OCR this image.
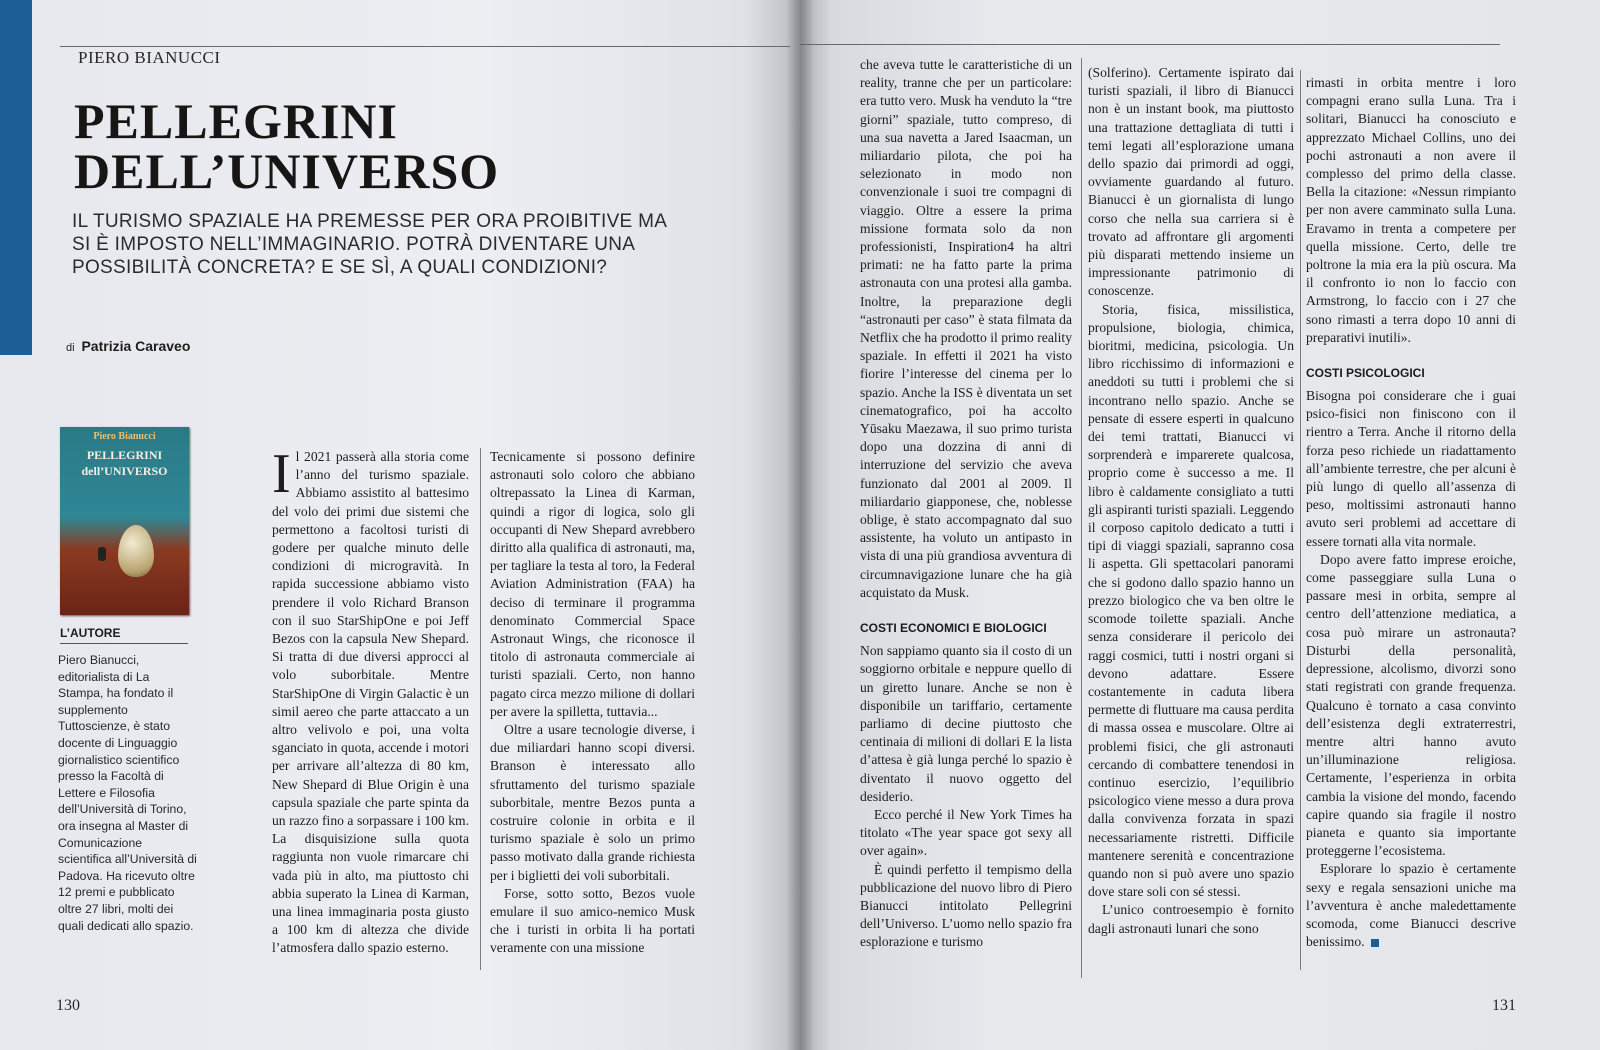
PIERO BIANUCCI
PELLEGRINI
DELL’UNIVERSO
IL TURISMO SPAZIALE HA PREMESSE PER ORA PROIBITIVE MA SI È IMPOSTO NELL’IMMAGINARIO. POTRÀ DIVENTARE UNA POSSIBILITÀ CONCRETA? E SE SÌ, A QUALI CONDIZIONI?
di Patrizia Caraveo
Piero Bianucci
PELLEGRINI
dell’UNIVERSO
L’AUTORE
Piero Bianucci, editorialista di La Stampa, ha fondato il supplemento Tuttoscienze, è stato docente di Linguaggio giornalistico scientifico presso la Facoltà di Lettere e Filosofia dell’Università di Torino, ora insegna al Master di Comunicazione scientifica all’Università di Padova. Ha ricevuto oltre 12 premi e pubblicato oltre 27 libri, molti dei quali dedicati allo spazio.

Il 2021 passerà alla storia come l’anno del turismo spaziale. Abbiamo assistito al battesimo del volo dei primi due sistemi che permettono a facoltosi turisti di godere per qualche minuto delle condizioni di microgravità. In rapida successione abbiamo visto prendere il volo Richard Branson con il suo StarShipOne e poi Jeff Bezos con la capsula New Shepard. Si tratta di due diversi approcci al volo suborbitale. Mentre StarShipOne di Virgin Galactic è un simil aereo che parte attaccato a un altro velivolo e poi, una volta sganciato in quota, accende i motori per arrivare all’altezza di 80 km, New Shepard di Blue Origin è una capsula spaziale che parte spinta da un razzo fino a sorpassare i 100 km. La disquisizione sulla quota raggiunta non vuole rimarcare chi vada più in alto, ma piuttosto chi abbia superato la Linea di Karman, una linea immaginaria posta giusto a 100 km di altezza che divide l’atmosfera dallo spazio esterno.

Tecnicamente si possono definire astronauti solo coloro che abbiano oltrepassato la Linea di Karman, quindi a rigor di logica, solo gli occupanti di New Shepard avrebbero diritto alla qualifica di astronauti, ma, per tagliare la testa al toro, la Federal Aviation Administration (FAA) ha deciso di terminare il programma denominato Commercial Space Astronaut Wings, che riconosce il titolo di astronauta commerciale ai turisti spaziali. Certo, non hanno pagato circa mezzo milione di dollari per avere la spilletta, tuttavia...

Oltre a usare tecnologie diverse, i due miliardari hanno scopi diversi. Branson è interessato allo sfruttamento del turismo spaziale suborbitale, mentre Bezos punta a costruire colonie in orbita e il turismo spaziale è solo un primo passo motivato dalla grande richiesta per i biglietti dei voli suborbitali.

Forse, sotto sotto, Bezos vuole emulare il suo amico-nemico Musk che i turisti in orbita li ha portati veramente con una missione

130

che aveva tutte le caratteristiche di un reality, tranne che per un particolare: era tutto vero. Musk ha venduto la “tre giorni” spaziale, tutto compreso, di una sua navetta a Jared Isaacman, un miliardario pilota, che poi ha selezionato in modo non convenzionale i suoi tre compagni di viaggio. Oltre a essere la prima missione formata solo da non professionisti, Inspiration4 ha altri primati: ne ha fatto parte la prima astronauta con una protesi alla gamba. Inoltre, la preparazione degli “astronauti per caso” è stata filmata da Netflix che ha prodotto il primo reality spaziale. In effetti il 2021 ha visto fiorire l’interesse del cinema per lo spazio. Anche la ISS è diventata un set cinematografico, poi ha accolto Yūsaku Maezawa, il suo primo turista dopo una dozzina di anni di interruzione del servizio che aveva funzionato dal 2001 al 2009. Il miliardario giapponese, che, noblesse oblige, è stato accompagnato dal suo assistente, ha voluto un antipasto in vista di una più grandiosa avventura di circumnavigazione lunare che ha già acquistato da Musk.

COSTI ECONOMICI E BIOLOGICI

Non sappiamo quanto sia il costo di un soggiorno orbitale e neppure quello di un giretto lunare. Anche se non è disponibile un tariffario, certamente parliamo di decine piuttosto che centinaia di milioni di dollari E la lista d’attesa è già lunga perché lo spazio è diventato il nuovo oggetto del desiderio.

Ecco perché il New York Times ha titolato «The year space got sexy all over again».

È quindi perfetto il tempismo della pubblicazione del nuovo libro di Piero Bianucci intitolato Pellegrini dell’Universo. L’uomo nello spazio fra esplorazione e turismo

(Solferino). Certamente ispirato dai turisti spaziali, il libro di Bianucci non è un instant book, ma piuttosto una trattazione dettagliata di tutti i temi legati all’esplorazione umana dello spazio dai primordi ad oggi, ovviamente guardando al futuro. Bianucci è un giornalista di lungo corso che nella sua carriera si è trovato ad affrontare gli argomenti più disparati mettendo insieme un impressionante patrimonio di conoscenze.

Storia, fisica, missilistica, propulsione, biologia, chimica, bioritmi, medicina, psicologia. Un libro ricchissimo di informazioni e aneddoti su tutti i problemi che si incontrano nello spazio. Anche se pensate di essere esperti in qualcuno dei temi trattati, Bianucci vi sorprenderà e imparerete qualcosa, proprio come è successo a me. Il libro è caldamente consigliato a tutti gli aspiranti turisti spaziali. Leggendo il corposo capitolo dedicato a tutti i tipi di viaggi spaziali, sapranno cosa li aspetta. Gli spettacolari panorami che si godono dallo spazio hanno un prezzo biologico che va ben oltre le scomode toilette spaziali. Anche senza considerare il pericolo dei raggi cosmici, tutti i nostri organi si devono adattare. Essere costantemente in caduta libera permette di fluttuare ma causa perdita di massa ossea e muscolare. Oltre ai problemi fisici, che gli astronauti cercando di combattere tenendosi in continuo esercizio, l’equilibrio psicologico viene messo a dura prova dalla convivenza forzata in spazi necessariamente ristretti. Difficile mantenere serenità e concentrazione quando non si può avere uno spazio dove stare soli con sé stessi.

L’unico controesempio è fornito dagli astronauti lunari che sono

rimasti in orbita mentre i loro compagni erano sulla Luna. Tra i solitari, Bianucci ha conosciuto e apprezzato Michael Collins, uno dei pochi astronauti a non avere il complesso del primo della classe. Bella la citazione: «Nessun rimpianto per non avere camminato sulla Luna. Eravamo in trenta a competere per quella missione. Certo, delle tre poltrone la mia era la più oscura. Ma il confronto io non lo faccio con Armstrong, lo faccio con i 27 che sono rimasti a terra dopo 10 anni di preparativi inutili».

COSTI PSICOLOGICI

Bisogna poi considerare che i guai psico-fisici non finiscono con il rientro a Terra. Anche il ritorno della forza peso richiede un riadattamento all’ambiente terrestre, che per alcuni è più lungo di quello all’assenza di peso, moltissimi astronauti hanno avuto seri problemi ad accettare di essere tornati alla vita normale.

Dopo avere fatto imprese eroiche, come passeggiare sulla Luna o passare mesi in orbita, sempre al centro dell’attenzione mediatica, a cosa può mirare un astronauta? Disturbi della personalità, depressione, alcolismo, divorzi sono stati registrati con grande frequenza. Qualcuno è tornato a casa convinto dell’esistenza degli extraterrestri, mentre altri hanno avuto un’illuminazione religiosa. Certamente, l’esperienza in orbita cambia la visione del mondo, facendo capire quando sia fragile il nostro pianeta e quanto sia importante proteggerne l’ecosistema.

Esplorare lo spazio è certamente sexy e regala sensazioni uniche ma l’avventura è anche maledettamente scomoda, come Bianucci descrive benissimo.

131
